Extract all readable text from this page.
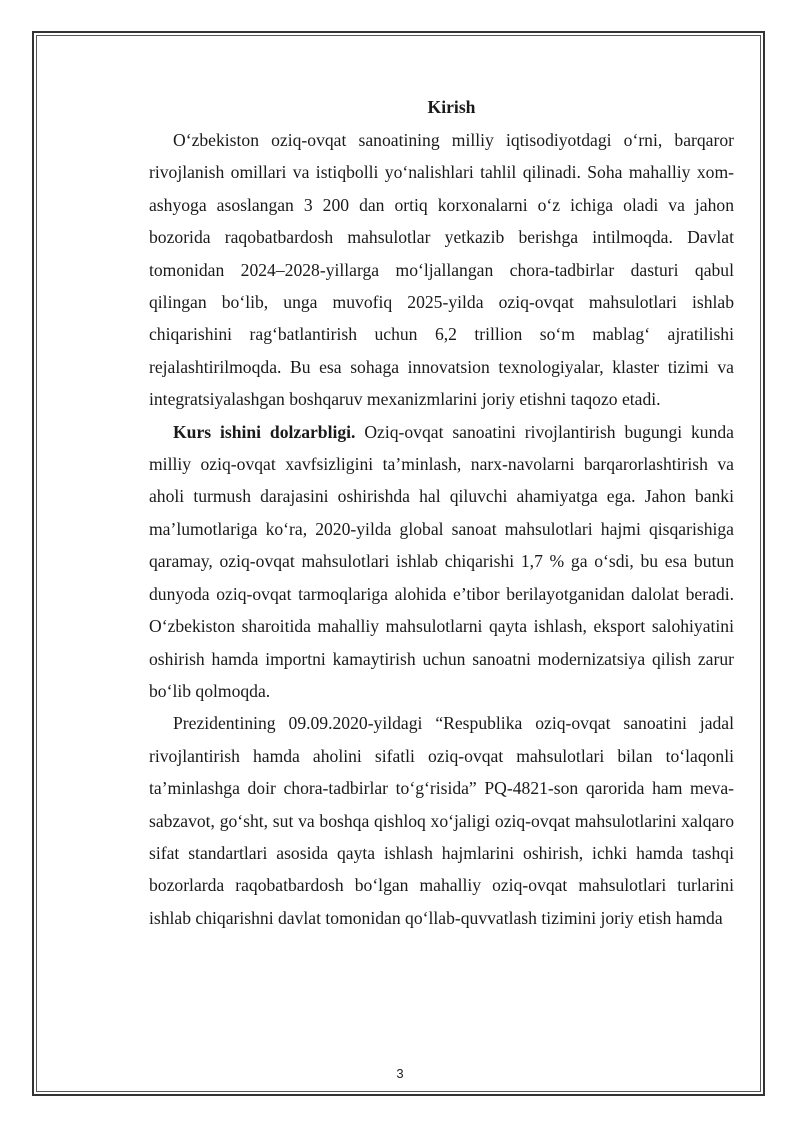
Kirish

O‘zbekiston oziq-ovqat sanoatining milliy iqtisodiyotdagi o‘rni, barqaror rivojlanish omillari va istiqbolli yo‘nalishlari tahlil qilinadi. Soha mahalliy xom-ashyoga asoslangan 3 200 dan ortiq korxonalarni o‘z ichiga oladi va jahon bozorida raqobatbardosh mahsulotlar yetkazib berishga intilmoqda. Davlat tomonidan 2024–2028-yillarga mo‘ljallangan chora-tadbirlar dasturi qabul qilingan bo‘lib, unga muvofiq 2025-yilda oziq-ovqat mahsulotlari ishlab chiqarishini rag‘batlantirish uchun 6,2 trillion so‘m mablag‘ ajratilishi rejalashtirilmoqda. Bu esa sohaga innovatsion texnologiyalar, klaster tizimi va integratsiyalashgan boshqaruv mexanizmlarini joriy etishni taqozo etadi.

Kurs ishini dolzarbligi. Oziq-ovqat sanoatini rivojlantirish bugungi kunda milliy oziq-ovqat xavfsizligini ta’minlash, narx-navolarni barqarorlashtirish va aholi turmush darajasini oshirishda hal qiluvchi ahamiyatga ega. Jahon banki ma’lumotlariga ko‘ra, 2020-yilda global sanoat mahsulotlari hajmi qisqarishiga qaramay, oziq-ovqat mahsulotlari ishlab chiqarishi 1,7 % ga o‘sdi, bu esa butun dunyoda oziq-ovqat tarmoqlariga alohida e’tibor berilayotganidan dalolat beradi. O‘zbekiston sharoitida mahalliy mahsulotlarni qayta ishlash, eksport salohiyatini oshirish hamda importni kamaytirish uchun sanoatni modernizatsiya qilish zarur bo‘lib qolmoqda.

Prezidentining 09.09.2020-yildagi “Respublika oziq-ovqat sanoatini jadal rivojlantirish hamda aholini sifatli oziq-ovqat mahsulotlari bilan to‘laqonli ta’minlashga doir chora-tadbirlar to‘g‘risida” PQ-4821-son qarorida ham meva-sabzavot, go‘sht, sut va boshqa qishloq xo‘jaligi oziq-ovqat mahsulotlarini xalqaro sifat standartlari asosida qayta ishlash hajmlarini oshirish, ichki hamda tashqi bozorlarda raqobatbardosh bo‘lgan mahalliy oziq-ovqat mahsulotlari turlarini ishlab chiqarishni davlat tomonidan qo‘llab-quvvatlash tizimini joriy etish hamda

3
